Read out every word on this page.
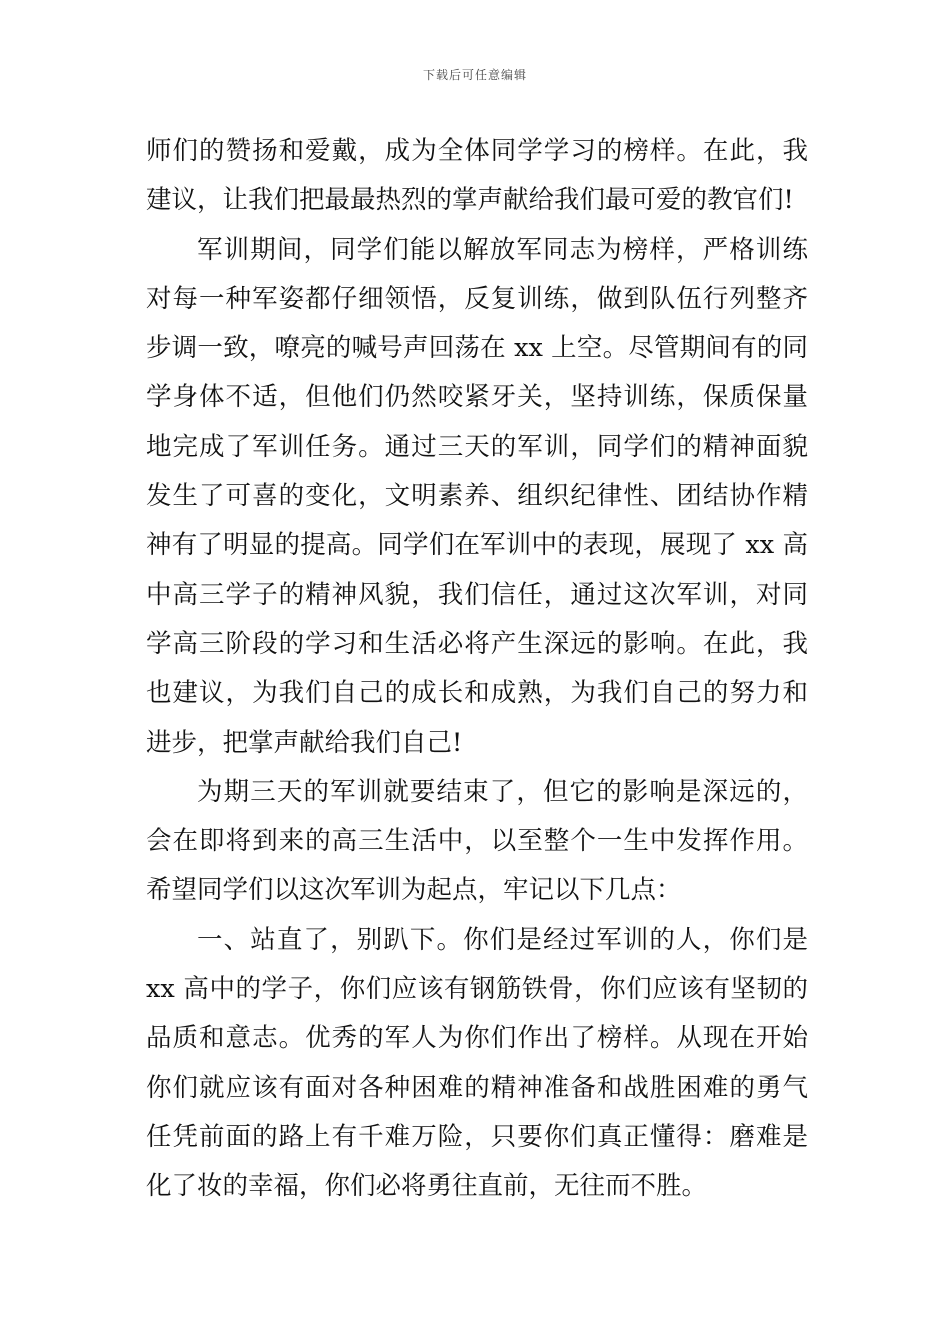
下载后可任意编辑

师们的赞扬和爱戴，成为全体同学学习的榜样。在此，我建议，让我们把最最热烈的掌声献给我们最可爱的教官们!

军训期间，同学们能以解放军同志为榜样，严格训练对每一种军姿都仔细领悟，反复训练，做到队伍行列整齐步调一致，嘹亮的喊号声回荡在 xx 上空。尽管期间有的同学身体不适，但他们仍然咬紧牙关，坚持训练，保质保量地完成了军训任务。通过三天的军训，同学们的精神面貌发生了可喜的变化，文明素养、组织纪律性、团结协作精神有了明显的提高。同学们在军训中的表现，展现了 xx 高中高三学子的精神风貌，我们信任，通过这次军训，对同学高三阶段的学习和生活必将产生深远的影响。在此，我也建议，为我们自己的成长和成熟，为我们自己的努力和进步，把掌声献给我们自己!

为期三天的军训就要结束了，但它的影响是深远的，会在即将到来的高三生活中，以至整个一生中发挥作用。希望同学们以这次军训为起点，牢记以下几点：

一、站直了，别趴下。你们是经过军训的人，你们是 xx 高中的学子，你们应该有钢筋铁骨，你们应该有坚韧的品质和意志。优秀的军人为你们作出了榜样。从现在开始你们就应该有面对各种困难的精神准备和战胜困难的勇气任凭前面的路上有千难万险，只要你们真正懂得：磨难是化了妆的幸福，你们必将勇往直前，无往而不胜。
